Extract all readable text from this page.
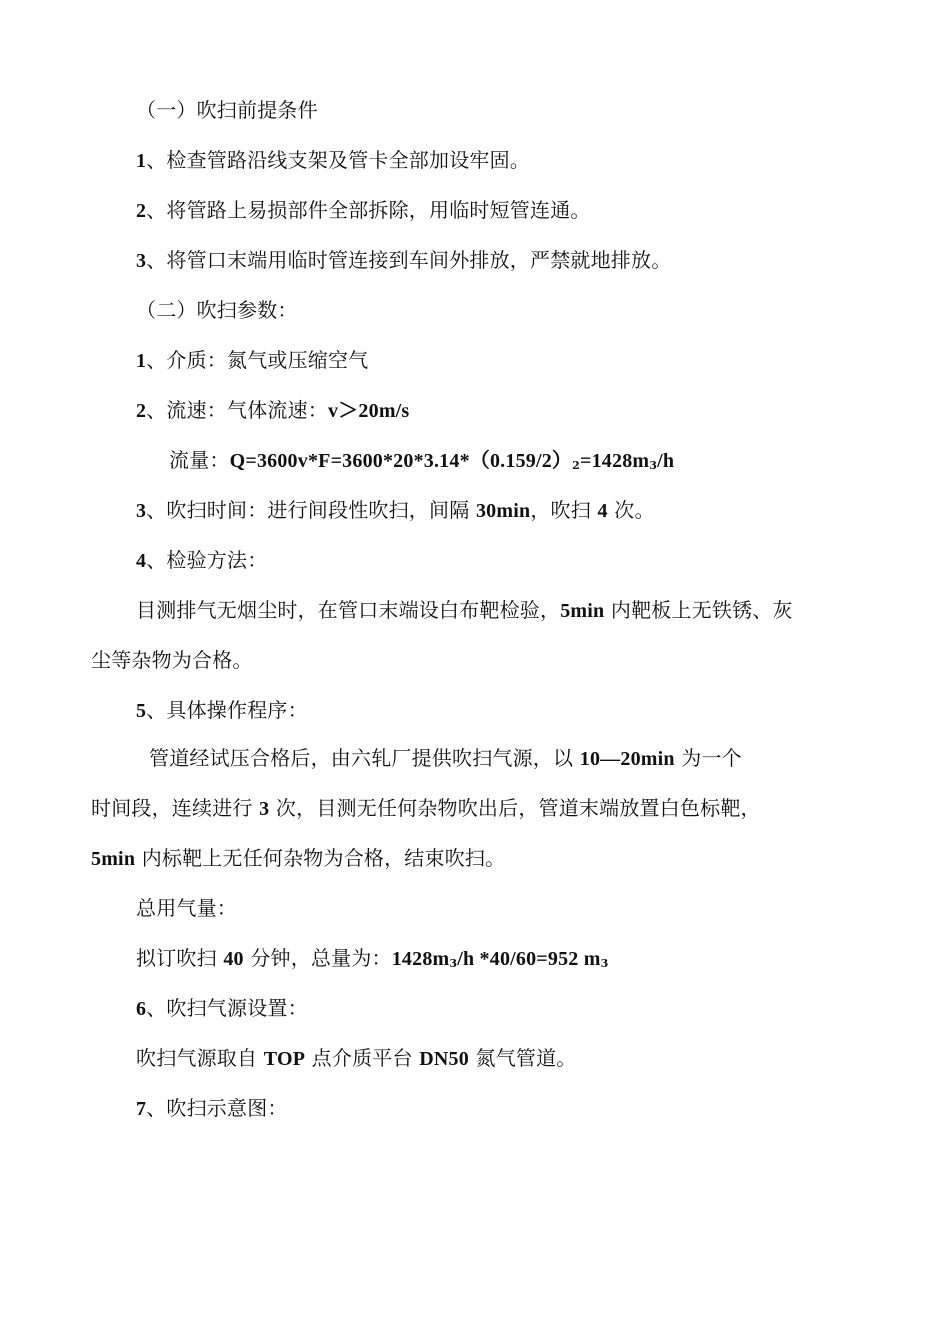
（一）吹扫前提条件
1、检查管路沿线支架及管卡全部加设牢固。
2、将管路上易损部件全部拆除，用临时短管连通。
3、将管口末端用临时管连接到车间外排放，严禁就地排放。
（二）吹扫参数：
1、介质：氮气或压缩空气
2、流速：气体流速：v＞20m/s
流量：Q=3600v*F=3600*20*3.14*（0.159/2）2=1428m3/h
3、吹扫时间：进行间段性吹扫，间隔 30min，吹扫 4 次。
4、检验方法：
目测排气无烟尘时，在管口末端设白布靶检验，5min 内靶板上无铁锈、灰
尘等杂物为合格。
5、具体操作程序：
管道经试压合格后，由六轧厂提供吹扫气源，以 10—20min 为一个
时间段，连续进行 3 次，目测无任何杂物吹出后，管道末端放置白色标靶，
5min 内标靶上无任何杂物为合格，结束吹扫。
总用气量：
拟订吹扫 40 分钟，总量为：1428m3/h *40/60=952 m3
6、吹扫气源设置：
吹扫气源取自 TOP 点介质平台 DN50 氮气管道。
7、吹扫示意图：
